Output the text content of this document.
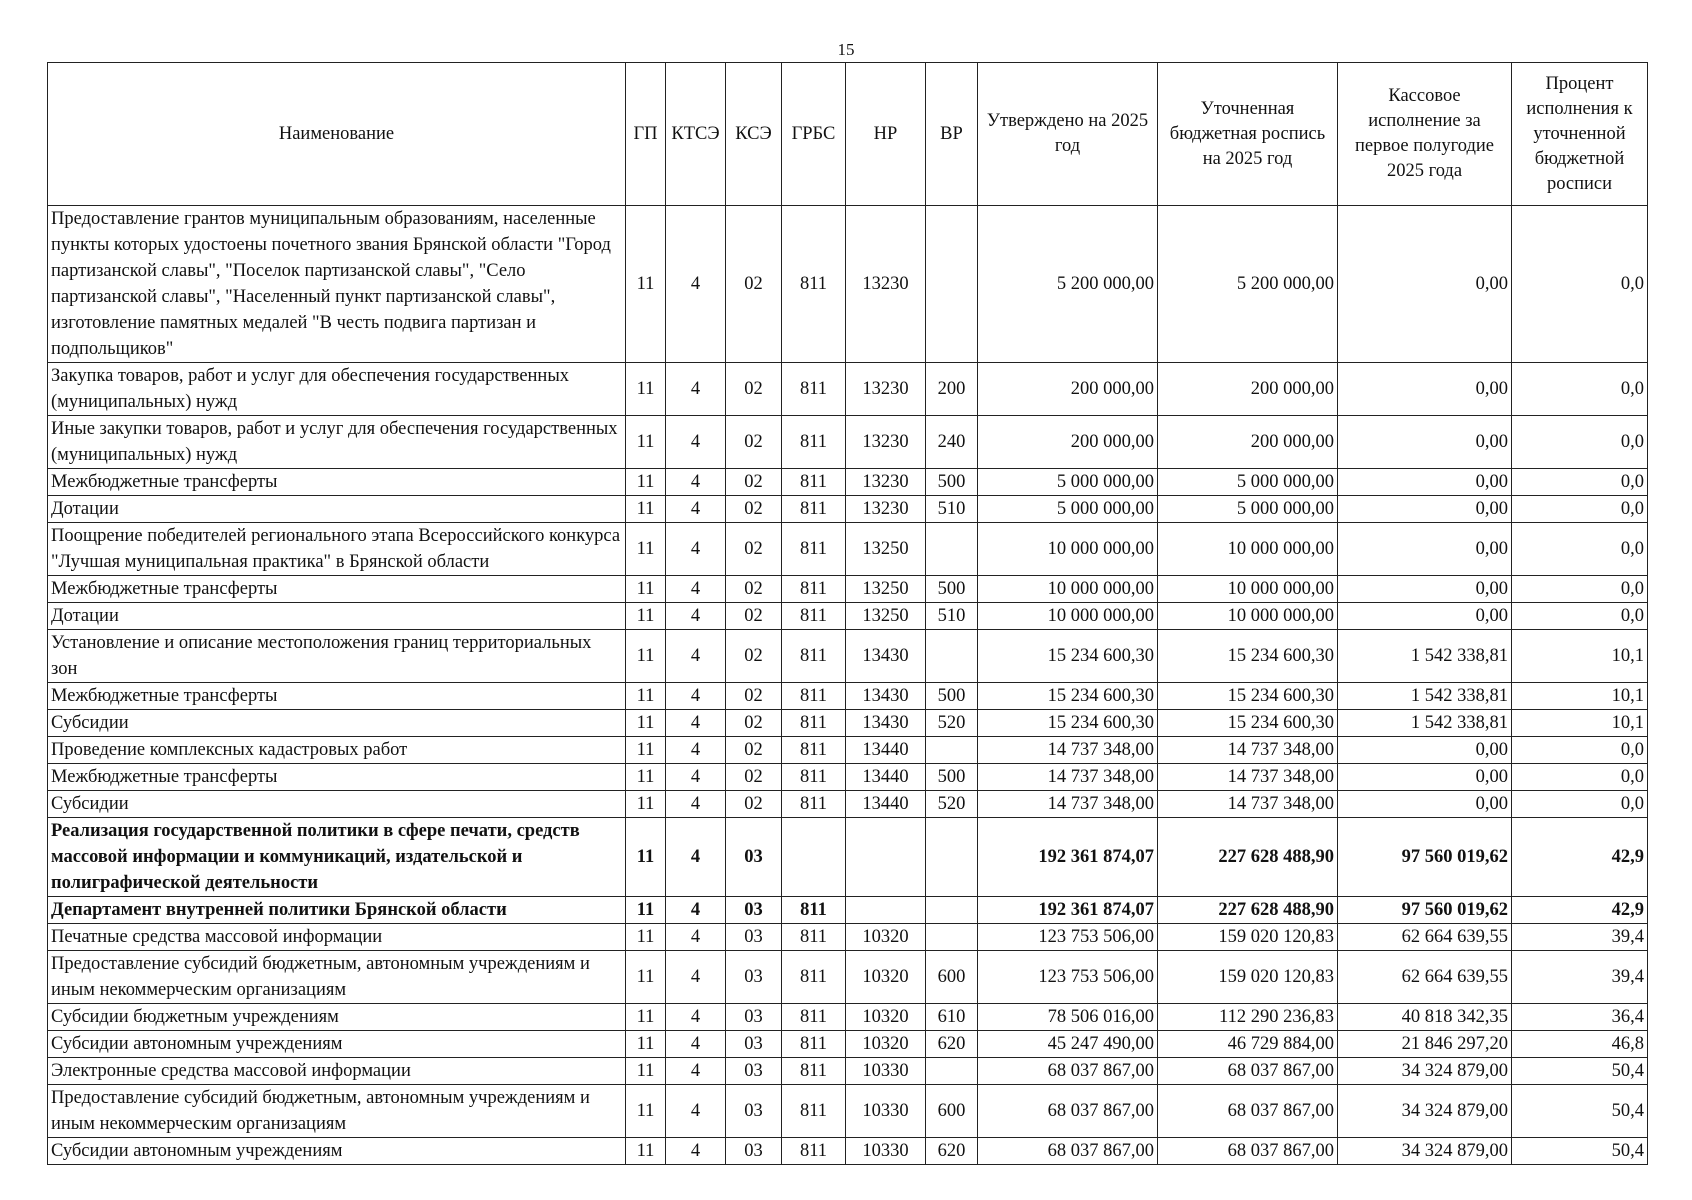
15
Наименование	ГП	КТСЭ	КСЭ	ГРБС	НР	ВР	Утверждено на 2025 год	Уточненная бюджетная роспись на 2025 год	Кассовое исполнение за первое полугодие 2025 года	Процент исполнения к уточненной бюджетной росписи
Предоставление грантов муниципальным образованиям, населенные пункты которых удостоены почетного звания Брянской области "Город партизанской славы", "Поселок партизанской славы", "Село партизанской славы", "Населенный пункт партизанской славы", изготовление памятных медалей "В честь подвига партизан и подпольщиков"	11	4	02	811	13230		5 200 000,00	5 200 000,00	0,00	0,0
Закупка товаров, работ и услуг для обеспечения государственных (муниципальных) нужд	11	4	02	811	13230	200	200 000,00	200 000,00	0,00	0,0
Иные закупки товаров, работ и услуг для обеспечения государственных (муниципальных) нужд	11	4	02	811	13230	240	200 000,00	200 000,00	0,00	0,0
Межбюджетные трансферты	11	4	02	811	13230	500	5 000 000,00	5 000 000,00	0,00	0,0
Дотации	11	4	02	811	13230	510	5 000 000,00	5 000 000,00	0,00	0,0
Поощрение победителей регионального этапа Всероссийского конкурса "Лучшая муниципальная практика" в Брянской области	11	4	02	811	13250		10 000 000,00	10 000 000,00	0,00	0,0
Межбюджетные трансферты	11	4	02	811	13250	500	10 000 000,00	10 000 000,00	0,00	0,0
Дотации	11	4	02	811	13250	510	10 000 000,00	10 000 000,00	0,00	0,0
Установление и описание местоположения границ территориальных зон	11	4	02	811	13430		15 234 600,30	15 234 600,30	1 542 338,81	10,1
Межбюджетные трансферты	11	4	02	811	13430	500	15 234 600,30	15 234 600,30	1 542 338,81	10,1
Субсидии	11	4	02	811	13430	520	15 234 600,30	15 234 600,30	1 542 338,81	10,1
Проведение комплексных кадастровых работ	11	4	02	811	13440		14 737 348,00	14 737 348,00	0,00	0,0
Межбюджетные трансферты	11	4	02	811	13440	500	14 737 348,00	14 737 348,00	0,00	0,0
Субсидии	11	4	02	811	13440	520	14 737 348,00	14 737 348,00	0,00	0,0
Реализация государственной политики в сфере печати, средств массовой информации и коммуникаций, издательской и полиграфической деятельности	11	4	03				192 361 874,07	227 628 488,90	97 560 019,62	42,9
Департамент внутренней политики Брянской области	11	4	03	811			192 361 874,07	227 628 488,90	97 560 019,62	42,9
Печатные средства массовой информации	11	4	03	811	10320		123 753 506,00	159 020 120,83	62 664 639,55	39,4
Предоставление субсидий бюджетным, автономным учреждениям и иным некоммерческим организациям	11	4	03	811	10320	600	123 753 506,00	159 020 120,83	62 664 639,55	39,4
Субсидии бюджетным учреждениям	11	4	03	811	10320	610	78 506 016,00	112 290 236,83	40 818 342,35	36,4
Субсидии автономным учреждениям	11	4	03	811	10320	620	45 247 490,00	46 729 884,00	21 846 297,20	46,8
Электронные средства массовой информации	11	4	03	811	10330		68 037 867,00	68 037 867,00	34 324 879,00	50,4
Предоставление субсидий бюджетным, автономным учреждениям и иным некоммерческим организациям	11	4	03	811	10330	600	68 037 867,00	68 037 867,00	34 324 879,00	50,4
Субсидии автономным учреждениям	11	4	03	811	10330	620	68 037 867,00	68 037 867,00	34 324 879,00	50,4
